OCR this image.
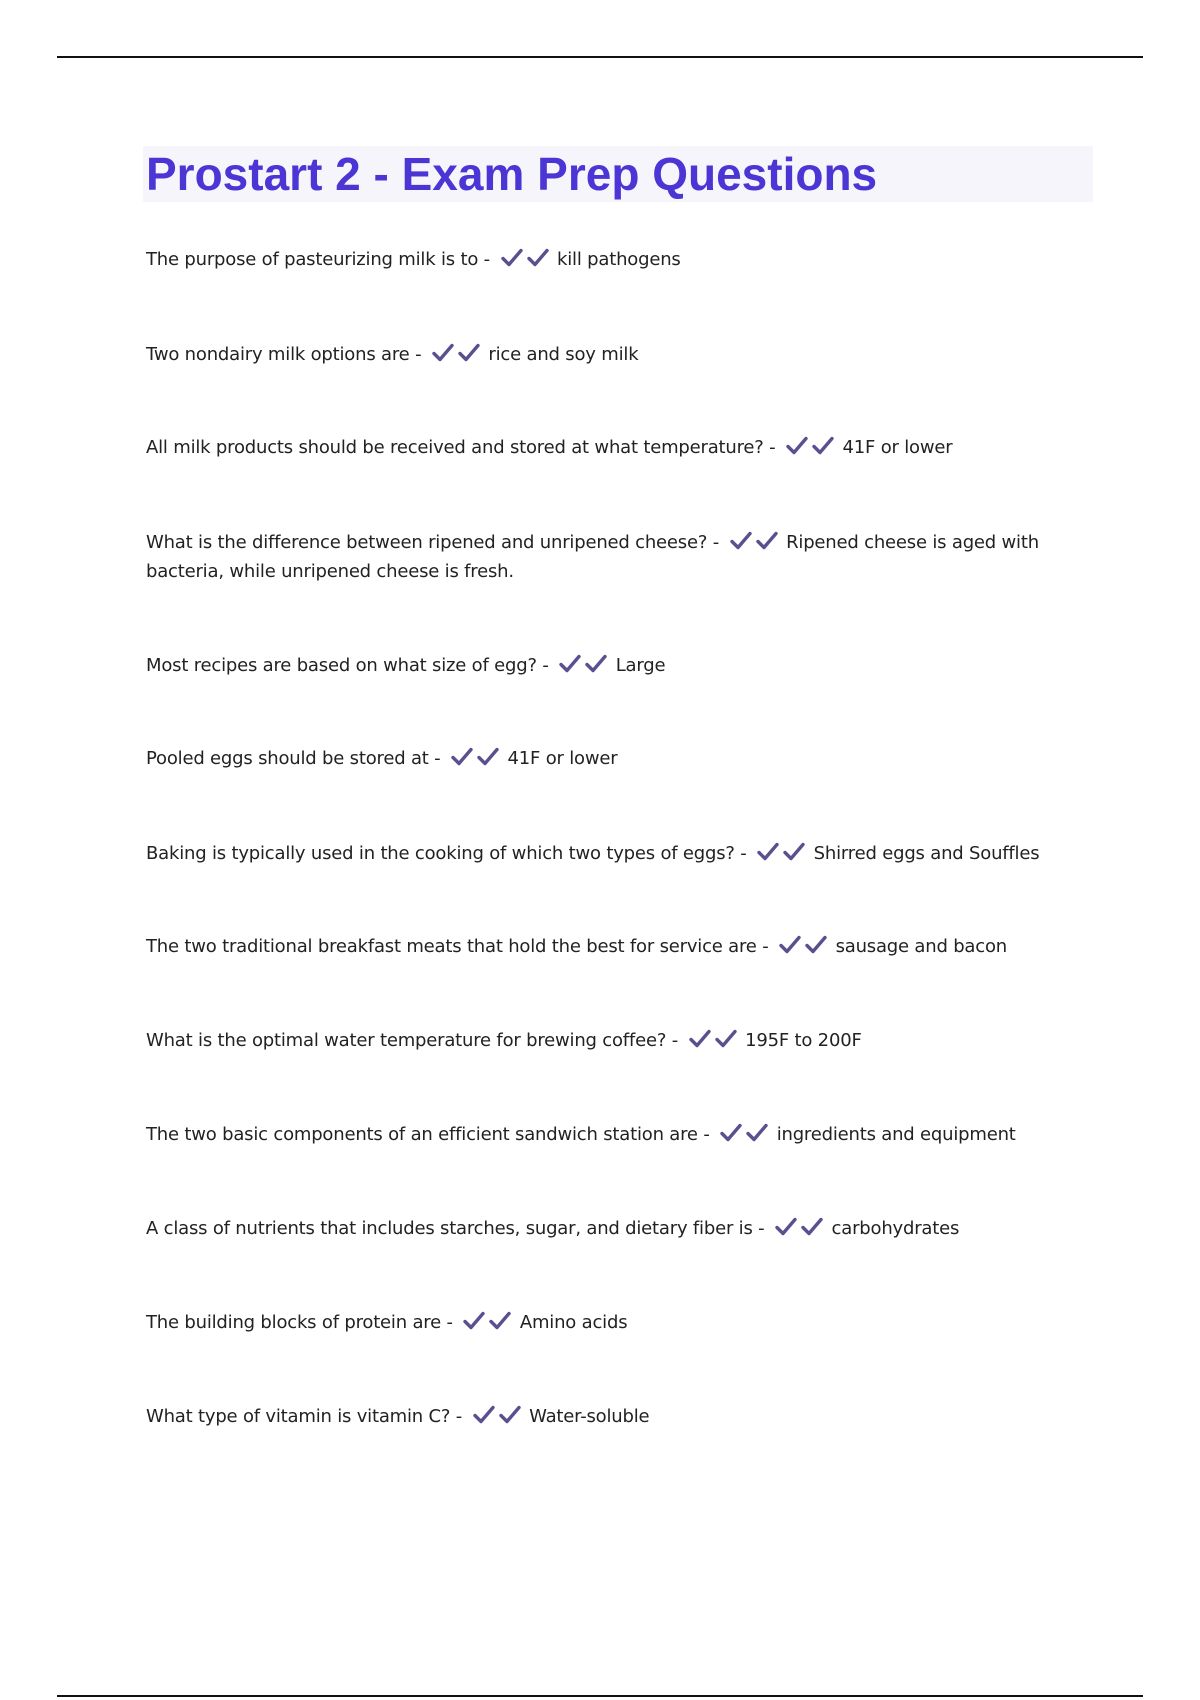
Prostart 2 - Exam Prep Questions
The purpose of pasteurizing milk is to -	kill pathogens
Two nondairy milk options are -	rice and soy milk
All milk products should be received and stored at what temperature? -	41F or lower
What is the difference between ripened and unripened cheese? -	Ripened cheese is aged with bacteria, while unripened cheese is fresh.
Most recipes are based on what size of egg? -	Large
Pooled eggs should be stored at -	41F or lower
Baking is typically used in the cooking of which two types of eggs? -	Shirred eggs and Souffles
The two traditional breakfast meats that hold the best for service are -	sausage and bacon
What is the optimal water temperature for brewing coffee? -	195F to 200F
The two basic components of an efficient sandwich station are -	ingredients and equipment
A class of nutrients that includes starches, sugar, and dietary fiber is -	carbohydrates
The building blocks of protein are -	Amino acids
What type of vitamin is vitamin C? -	Water-soluble
